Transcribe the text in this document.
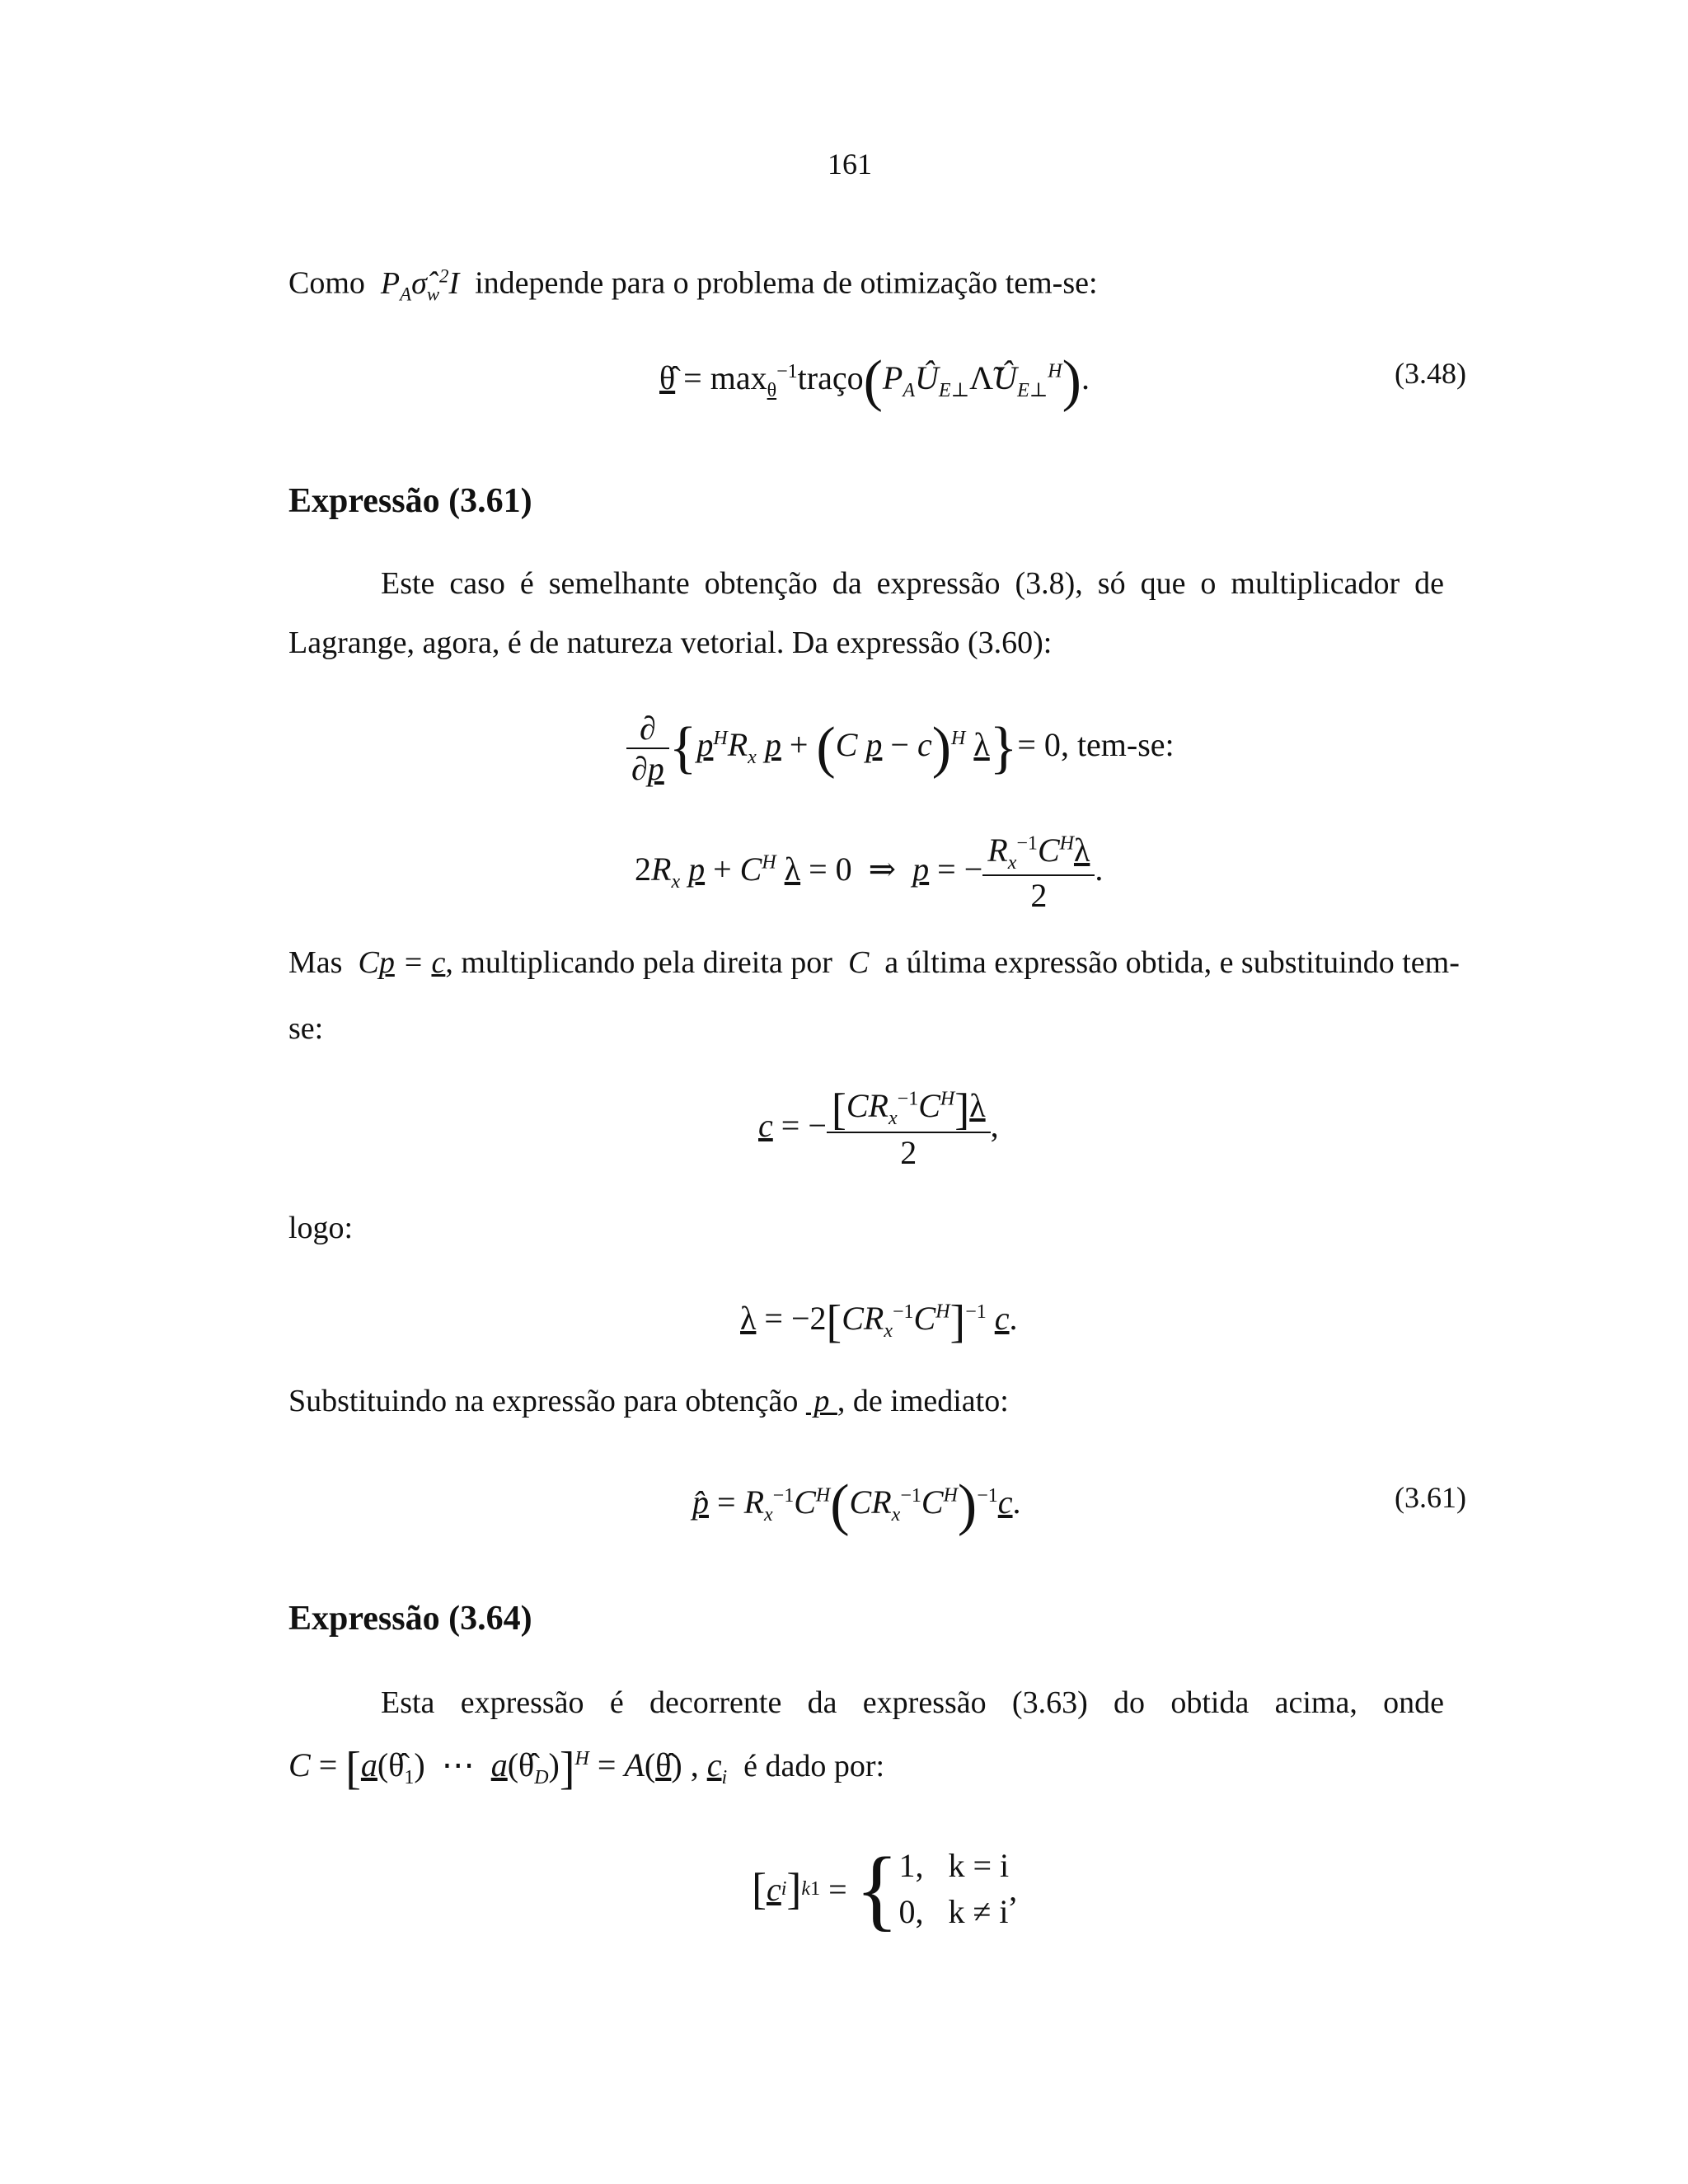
161
Como  $P_A\sigmâ_w^2I$  independe para o problema de otimização tem-se:
θ̂ = $\max_\theta^{-1}traço(P_AÛ_{E\perp}\LambdãÛ_{E\perp}^H)$.	(3.48)
Expressão (3.61)
Este caso é semelhante obtenção da expressão (3.8), só que o multiplicador de
Lagrange, agora, é de natureza vetorial. Da expressão (3.60):
$\frac{\partial}{\partial p} \{p^HR_x$ p + (C p − c)$^H$ λ}= 0, tem-se:
$2R_x$ $p + C^H$ λ = 0  ⇒  p = − $\frac{R_x^{-1}C^H\lambda}{2}$ .
Mas  Cp = c, multiplicando pela direita por  C  a última expressão obtida, e substituindo tem-
se:
c = − $\frac{[CR_x^{-1}C^H]\lambda}{2}$ ,
logo:
$\lambda = -2[CR_x^{-1}C^H]^{-1}$ c.
Substituindo na expressão para obtenção  p , de imediato:
p̂ = $R_x^{-1}C^H(CR_x^{-1}C^H)^{-1}c$.	(3.61)
Expressão (3.64)
Esta expressão é decorrente da expressão (3.63) do obtida acima, onde
$C = [a(\thetâ_1)$  ⋯  $a(\thetâ_D)]^H$ = A(θ̂) , $c_i$ é dado por:
[ c i ] k1 = { 1, k = i
0, k ≠ i
,
